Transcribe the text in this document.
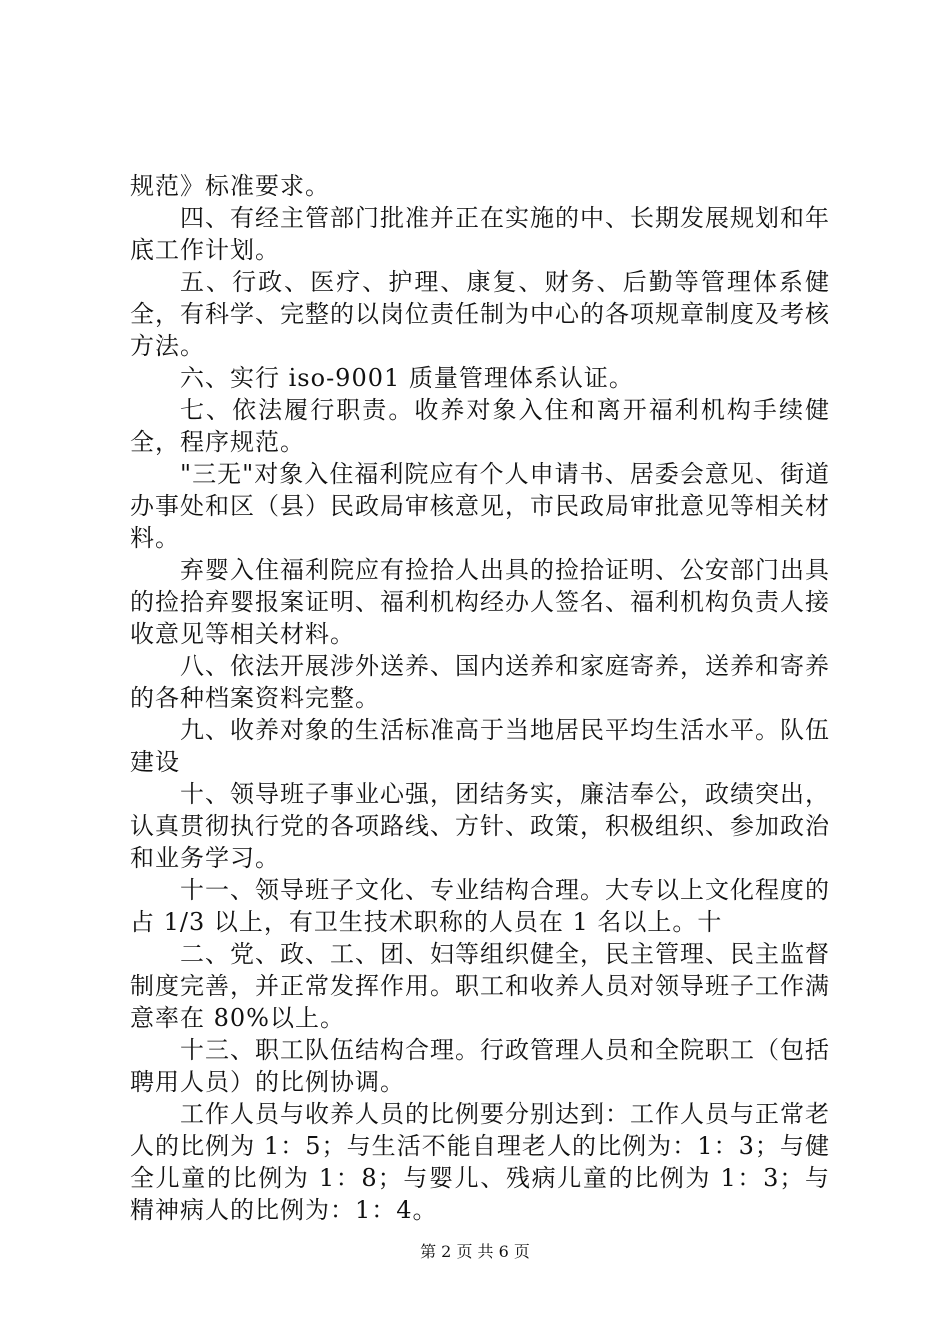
规范》标准要求。

四、有经主管部门批准并正在实施的中、长期发展规划和年底工作计划。

五、行政、医疗、护理、康复、财务、后勤等管理体系健全，有科学、完整的以岗位责任制为中心的各项规章制度及考核方法。

六、实行 iso-9001 质量管理体系认证。

七、依法履行职责。收养对象入住和离开福利机构手续健全，程序规范。

"三无"对象入住福利院应有个人申请书、居委会意见、街道办事处和区（县）民政局审核意见，市民政局审批意见等相关材料。

弃婴入住福利院应有捡拾人出具的捡拾证明、公安部门出具的捡拾弃婴报案证明、福利机构经办人签名、福利机构负责人接收意见等相关材料。

八、依法开展涉外送养、国内送养和家庭寄养，送养和寄养的各种档案资料完整。

九、收养对象的生活标准高于当地居民平均生活水平。队伍建设

十、领导班子事业心强，团结务实，廉洁奉公，政绩突出，认真贯彻执行党的各项路线、方针、政策，积极组织、参加政治和业务学习。

十一、领导班子文化、专业结构合理。大专以上文化程度的占 1/3 以上，有卫生技术职称的人员在 1 名以上。十

二、党、政、工、团、妇等组织健全，民主管理、民主监督制度完善，并正常发挥作用。职工和收养人员对领导班子工作满意率在 80%以上。

十三、职工队伍结构合理。行政管理人员和全院职工（包括聘用人员）的比例协调。

工作人员与收养人员的比例要分别达到：工作人员与正常老人的比例为 1：5；与生活不能自理老人的比例为：1：3；与健全儿童的比例为 1：8；与婴儿、残病儿童的比例为 1：3；与精神病人的比例为：1：4。

第 2 页 共 6 页
